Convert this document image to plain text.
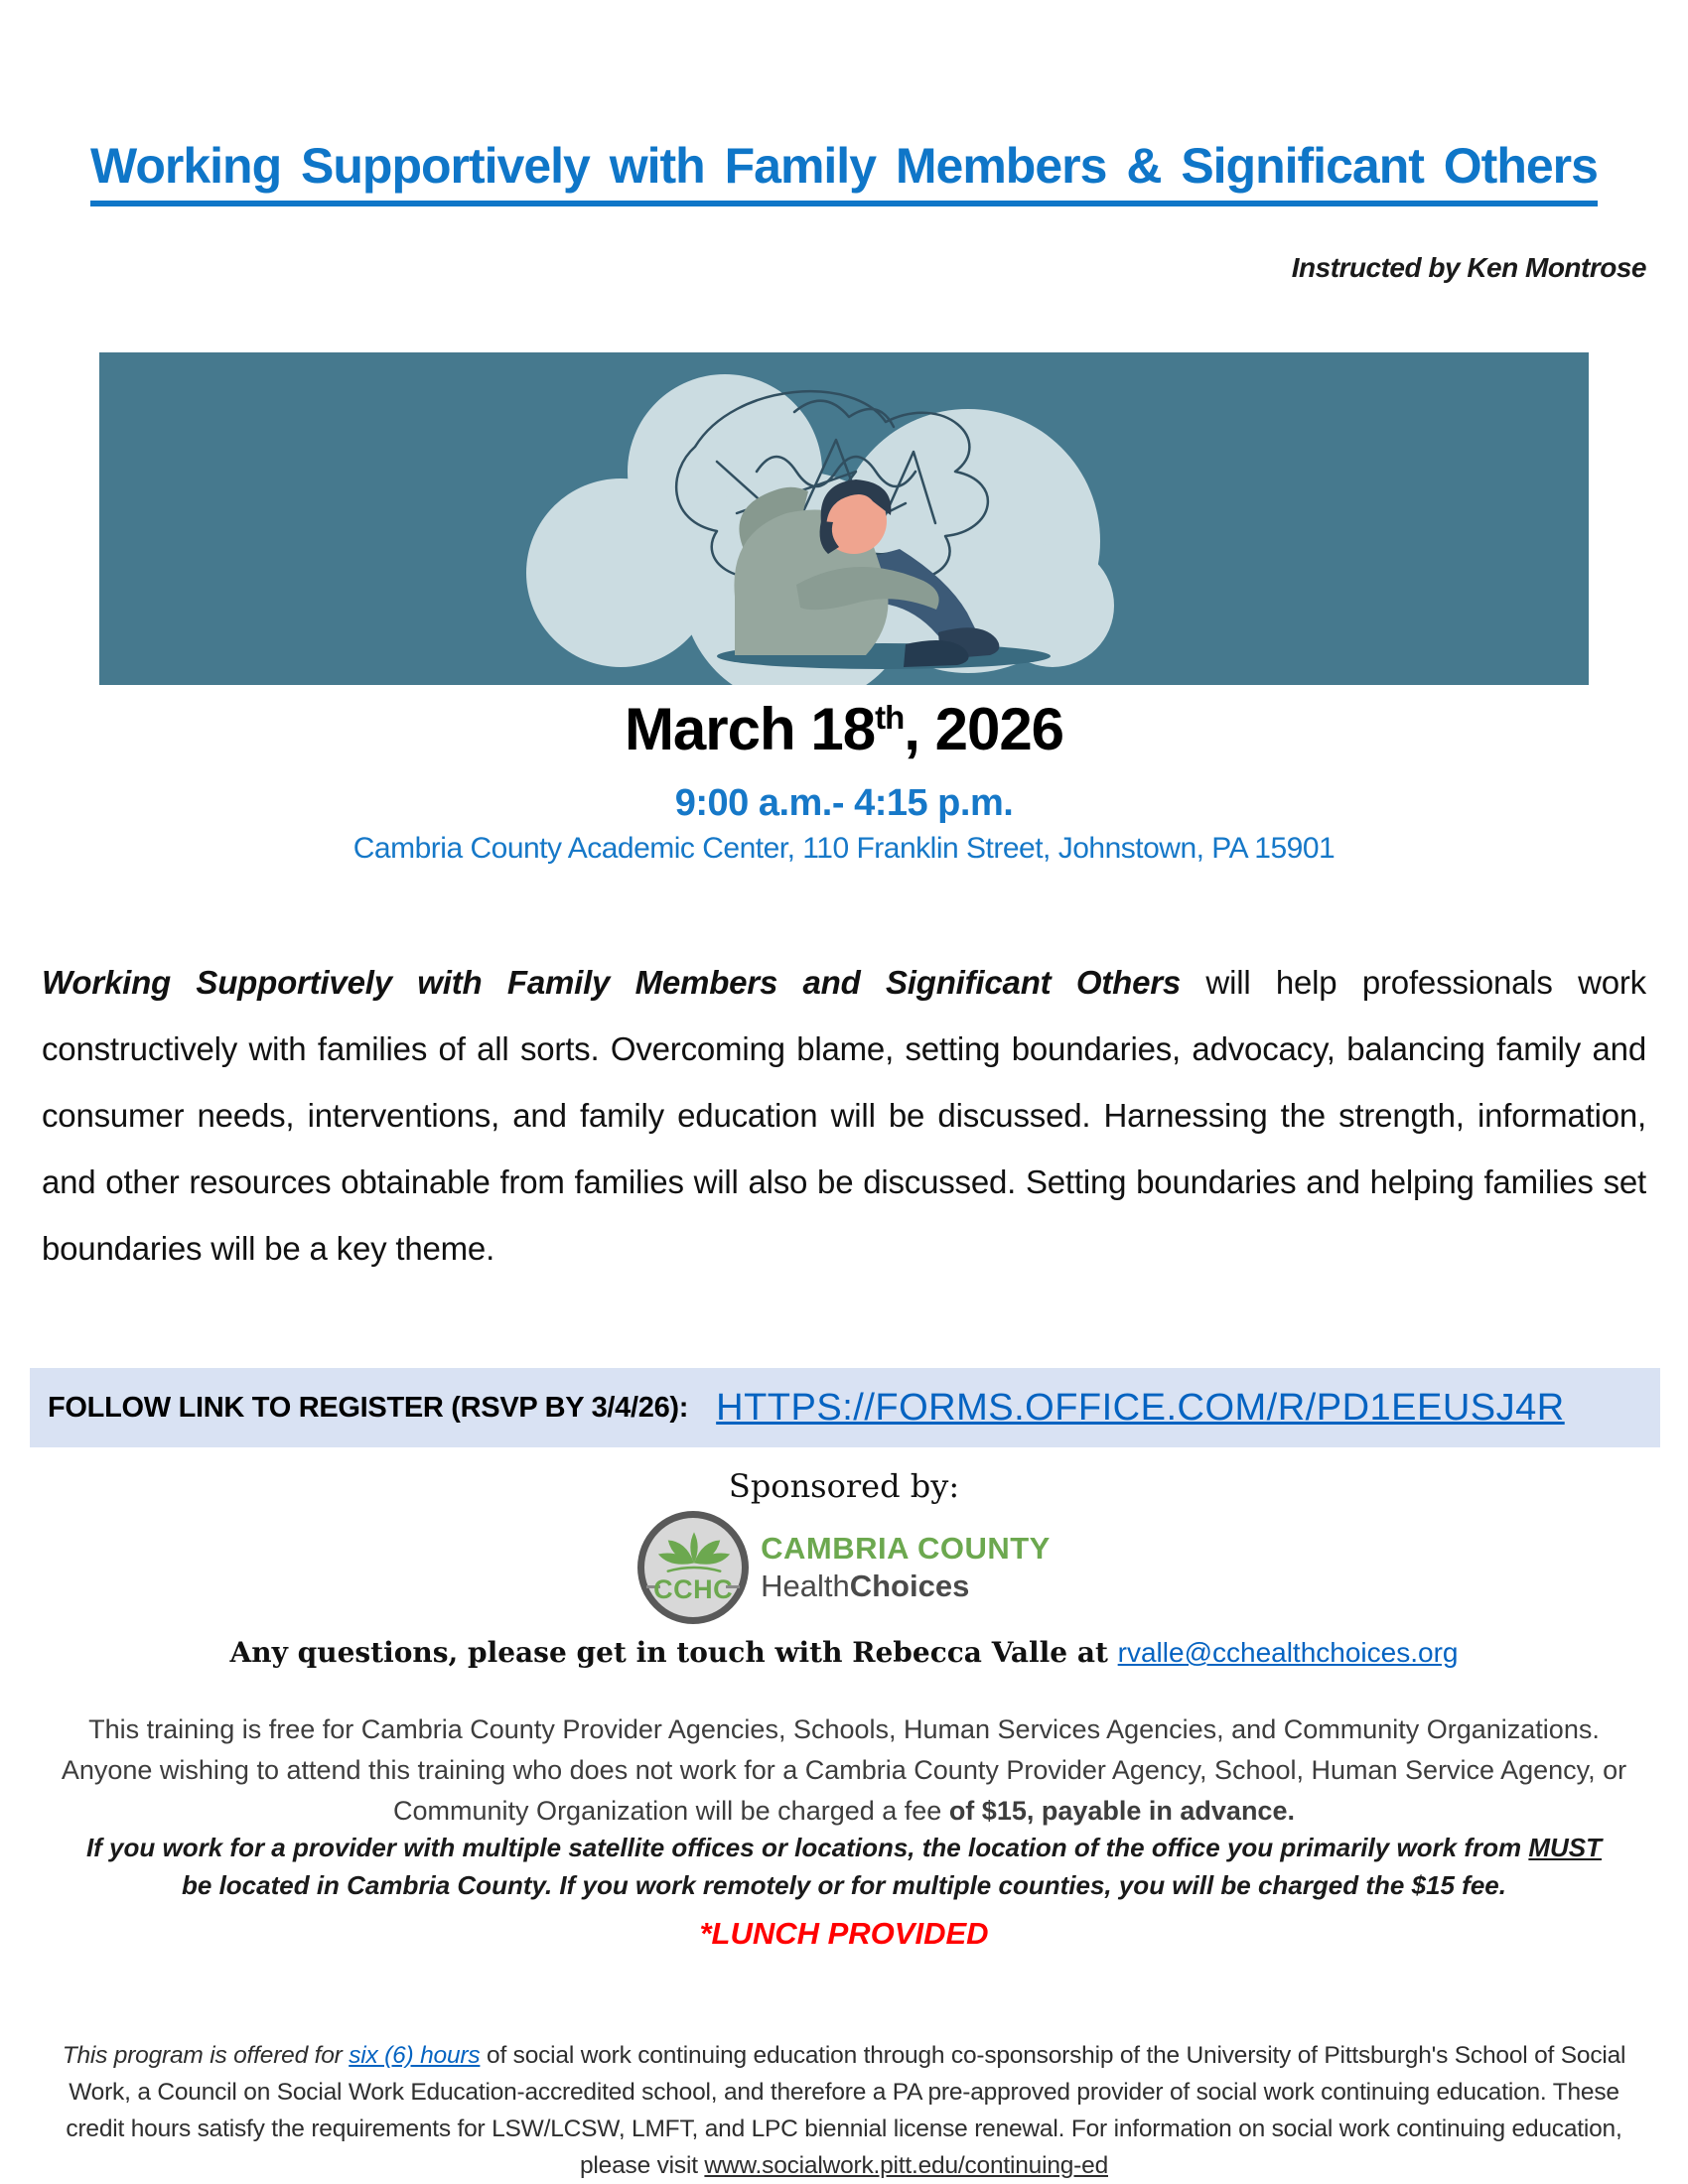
Working Supportively with Family Members & Significant Others
Instructed by Ken Montrose
March 18th, 2026
9:00 a.m.- 4:15 p.m.
Cambria County Academic Center, 110 Franklin Street, Johnstown, PA 15901

Working Supportively with Family Members and Significant Others will help professionals work constructively with families of all sorts. Overcoming blame, setting boundaries, advocacy, balancing family and consumer needs, interventions, and family education will be discussed. Harnessing the strength, information, and other resources obtainable from families will also be discussed. Setting boundaries and helping families set boundaries will be a key theme.

FOLLOW LINK TO REGISTER (RSVP BY 3/4/26): HTTPS://FORMS.OFFICE.COM/R/PD1EEUSJ4R
Sponsored by:
CCHC
CAMBRIA COUNTY
HealthChoices
Any questions, please get in touch with Rebecca Valle at rvalle@cchealthchoices.org

This training is free for Cambria County Provider Agencies, Schools, Human Services Agencies, and Community Organizations. Anyone wishing to attend this training who does not work for a Cambria County Provider Agency, School, Human Service Agency, or Community Organization will be charged a fee of $15, payable in advance.

If you work for a provider with multiple satellite offices or locations, the location of the office you primarily work from MUST be located in Cambria County. If you work remotely or for multiple counties, you will be charged the $15 fee.

*LUNCH PROVIDED

This program is offered for six (6) hours of social work continuing education through co-sponsorship of the University of Pittsburgh's School of Social Work, a Council on Social Work Education-accredited school, and therefore a PA pre-approved provider of social work continuing education. These credit hours satisfy the requirements for LSW/LCSW, LMFT, and LPC biennial license renewal. For information on social work continuing education, please visit www.socialwork.pitt.edu/continuing-ed
